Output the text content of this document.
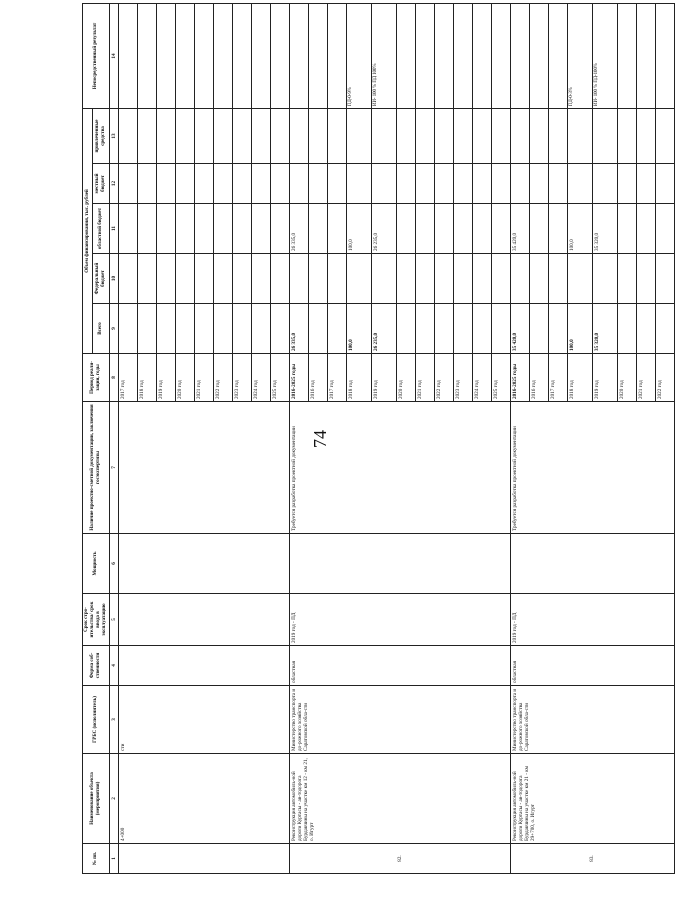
74
№ пп.	Наименование объекта (мероприятия)	ГРБС (исполнитель)	Форма соб-ственности	Срок стро-ительства/ срок ввода в эксплуатацию	Мощность	Наличие проектно-сметной документации, заключения госэкспертизы	Период реали-зации, годы	Объем финансирования, тыс. рублей					Непосредственный результат
								Всего	Федеральный бюджет	областной бюджет	местный бюджет	привлеченные средства	
1	2	3	4	5	6	7	8	9	10	11	12	13	14
	4+000	сти					2017 год						
							2018 год						
							2019 год						
							2020 год						
							2021 год						
							2022 год						
							2023 год						
							2024 год						
							2025 год						
82.	Реконструкция автомобиль-ной дороги Куртасы - ав-тодорога Бурдакчины на участке км 12 - км 21, о. Игурт	Министерство транспорта и до-рожного хозяйства Саратовской обла-сти	областная	2019 год - ПД		Требуется разработка проектной документации	2016-2025 годы	26 335,0		26 335,0			
							2016 год						
							2017 год						
							2018 год	100,0		100,0			ПД-0-9%
							2019 год	26 235,0		26 235,0			ИИ- 100 % ПД 100%
							2020 год						
							2021 год						
							2022 год						
							2023 год						
							2024 год						
							2025 год						
83.	Реконструкция автомобиль-ной дороги Куртасы - ав-тодорога Бурдакчины на участке км 21 - км 29+700, о. Игурт	Министерство транспорта и до-рожного хозяйства Саратовской обла-сти	областная	2019 год - ПД		Требуется разработка проектной документации	2016-2025 годы	35 420,0		35 420,0			
							2016 год						
							2017 год						
							2018 год	100,0		100,0			ПД-0-3%
							2019 год	35 320,0		35 320,0			ИИ- 100 % ПД-100%
							2020 год						
							2021 год						
							2022 год						
